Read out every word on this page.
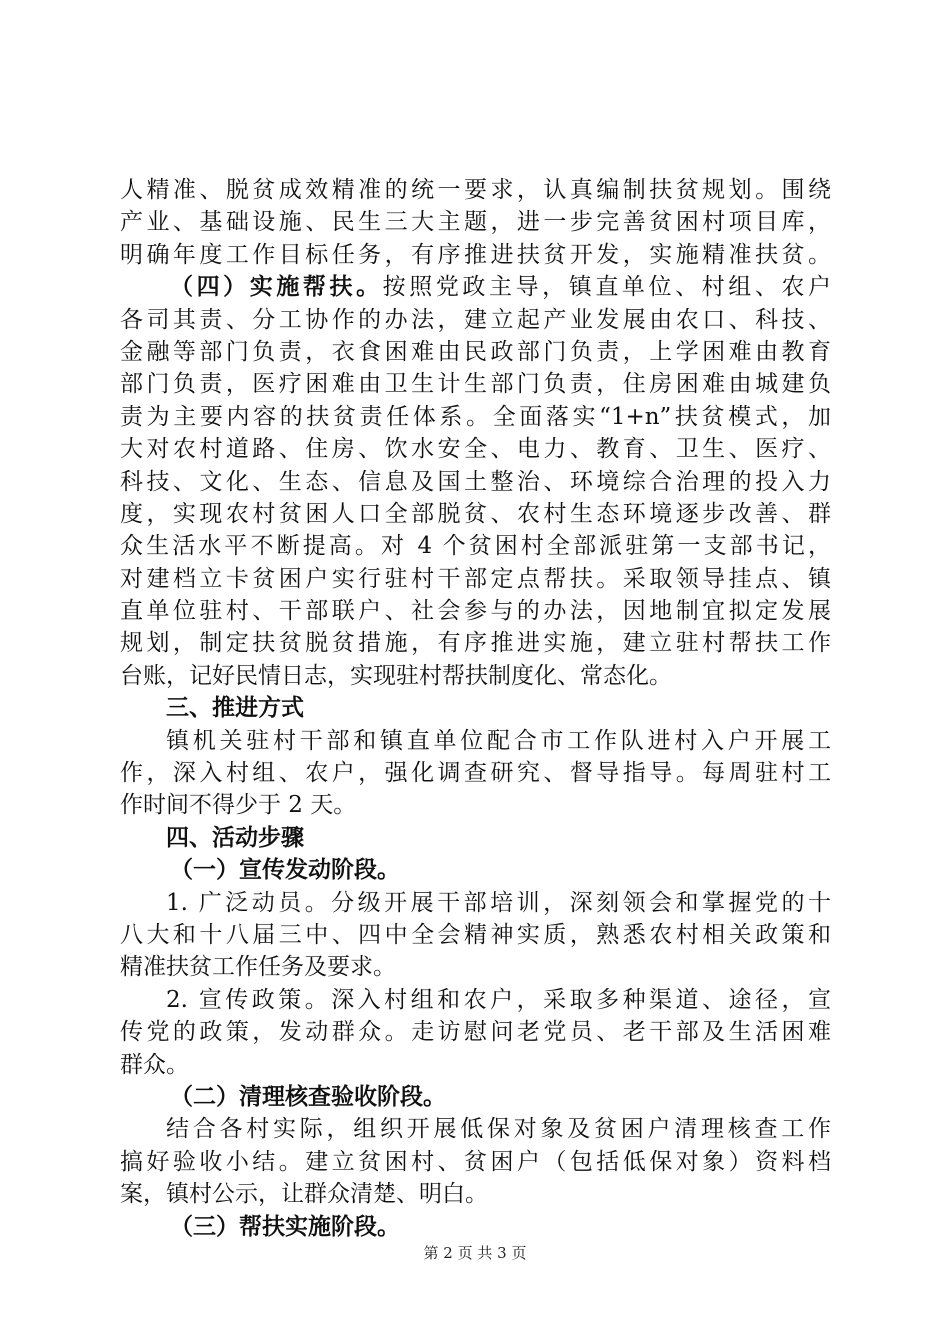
人精准、脱贫成效精准的统一要求，认真编制扶贫规划。围绕
产业、基础设施、民生三大主题，进一步完善贫困村项目库，
明确年度工作目标任务，有序推进扶贫开发，实施精准扶贫。
（四）实施帮扶。按照党政主导，镇直单位、村组、农户
各司其责、分工协作的办法，建立起产业发展由农口、科技、
金融等部门负责，衣食困难由民政部门负责，上学困难由教育
部门负责，医疗困难由卫生计生部门负责，住房困难由城建负
责为主要内容的扶贫责任体系。全面落实“1+n”扶贫模式，加
大对农村道路、住房、饮水安全、电力、教育、卫生、医疗、
科技、文化、生态、信息及国土整治、环境综合治理的投入力
度，实现农村贫困人口全部脱贫、农村生态环境逐步改善、群
众生活水平不断提高。对 4 个贫困村全部派驻第一支部书记，
对建档立卡贫困户实行驻村干部定点帮扶。采取领导挂点、镇
直单位驻村、干部联户、社会参与的办法，因地制宜拟定发展
规划，制定扶贫脱贫措施，有序推进实施，建立驻村帮扶工作
台账，记好民情日志，实现驻村帮扶制度化、常态化。
三、推进方式
镇机关驻村干部和镇直单位配合市工作队进村入户开展工
作，深入村组、农户，强化调查研究、督导指导。每周驻村工
作时间不得少于 2 天。
四、活动步骤
（一）宣传发动阶段。
1. 广泛动员。分级开展干部培训，深刻领会和掌握党的十
八大和十八届三中、四中全会精神实质，熟悉农村相关政策和
精准扶贫工作任务及要求。
2. 宣传政策。深入村组和农户，采取多种渠道、途径，宣
传党的政策，发动群众。走访慰问老党员、老干部及生活困难
群众。
（二）清理核查验收阶段。
结合各村实际，组织开展低保对象及贫困户清理核查工作
搞好验收小结。建立贫困村、贫困户（包括低保对象）资料档
案，镇村公示，让群众清楚、明白。
（三）帮扶实施阶段。
第 2 页 共 3 页
